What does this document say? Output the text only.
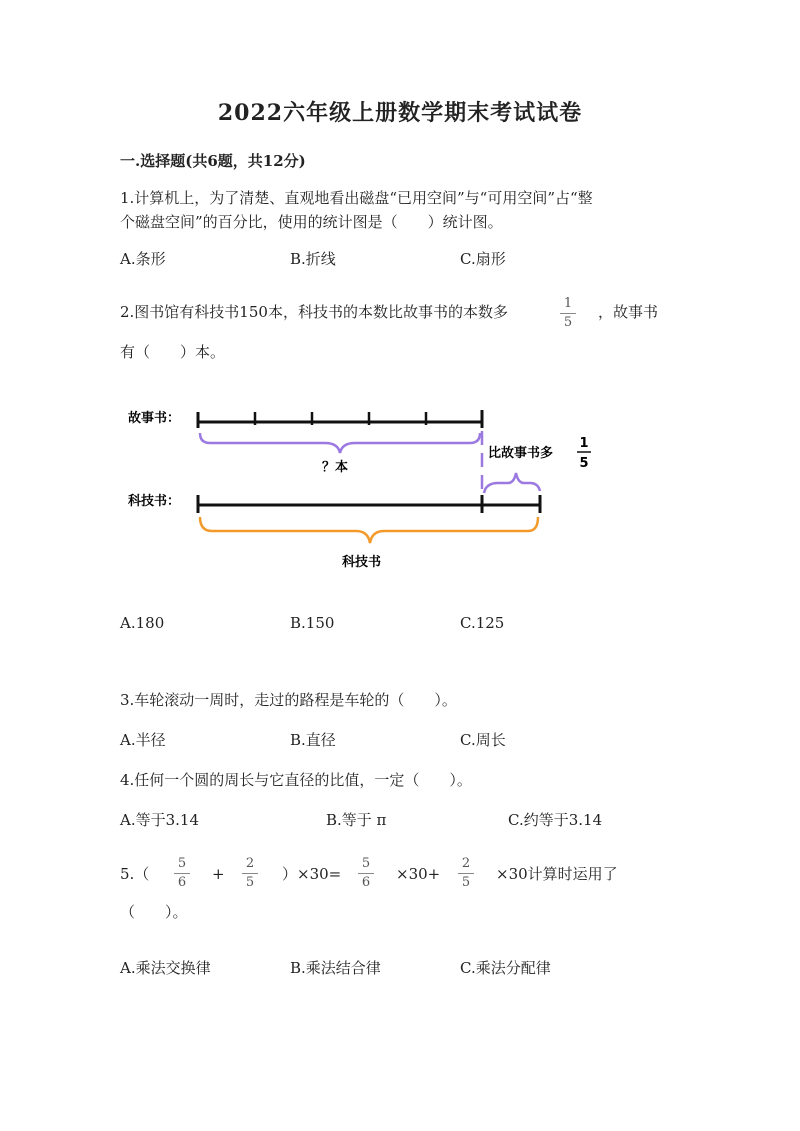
2022六年级上册数学期末考试试卷
一.选择题(共6题，共12分)
1.计算机上，为了清楚、直观地看出磁盘“已用空间”与“可用空间”占“整
个磁盘空间”的百分比，使用的统计图是（　　）统计图。
A.条形	B.折线	C.扇形
2.图书馆有科技书150本，科技书的本数比故事书的本数多	1
5
，故事书
有（　　）本。
故事书：
？本
比故事书多
1
5
科技书：
科技书
A.180	B.150	C.125
3.车轮滚动一周时，走过的路程是车轮的（　　）。
A.半径	B.直径	C.周长
4.任何一个圆的周长与它直径的比值，一定（　　）。
A.等于3.14	B.等于 π	C.约等于3.14
5.（
5
6	+
2
5	）×30=
5
6	×30+
2
5	×30计算时运用了
（　　）。
A.乘法交换律	B.乘法结合律	C.乘法分配律
